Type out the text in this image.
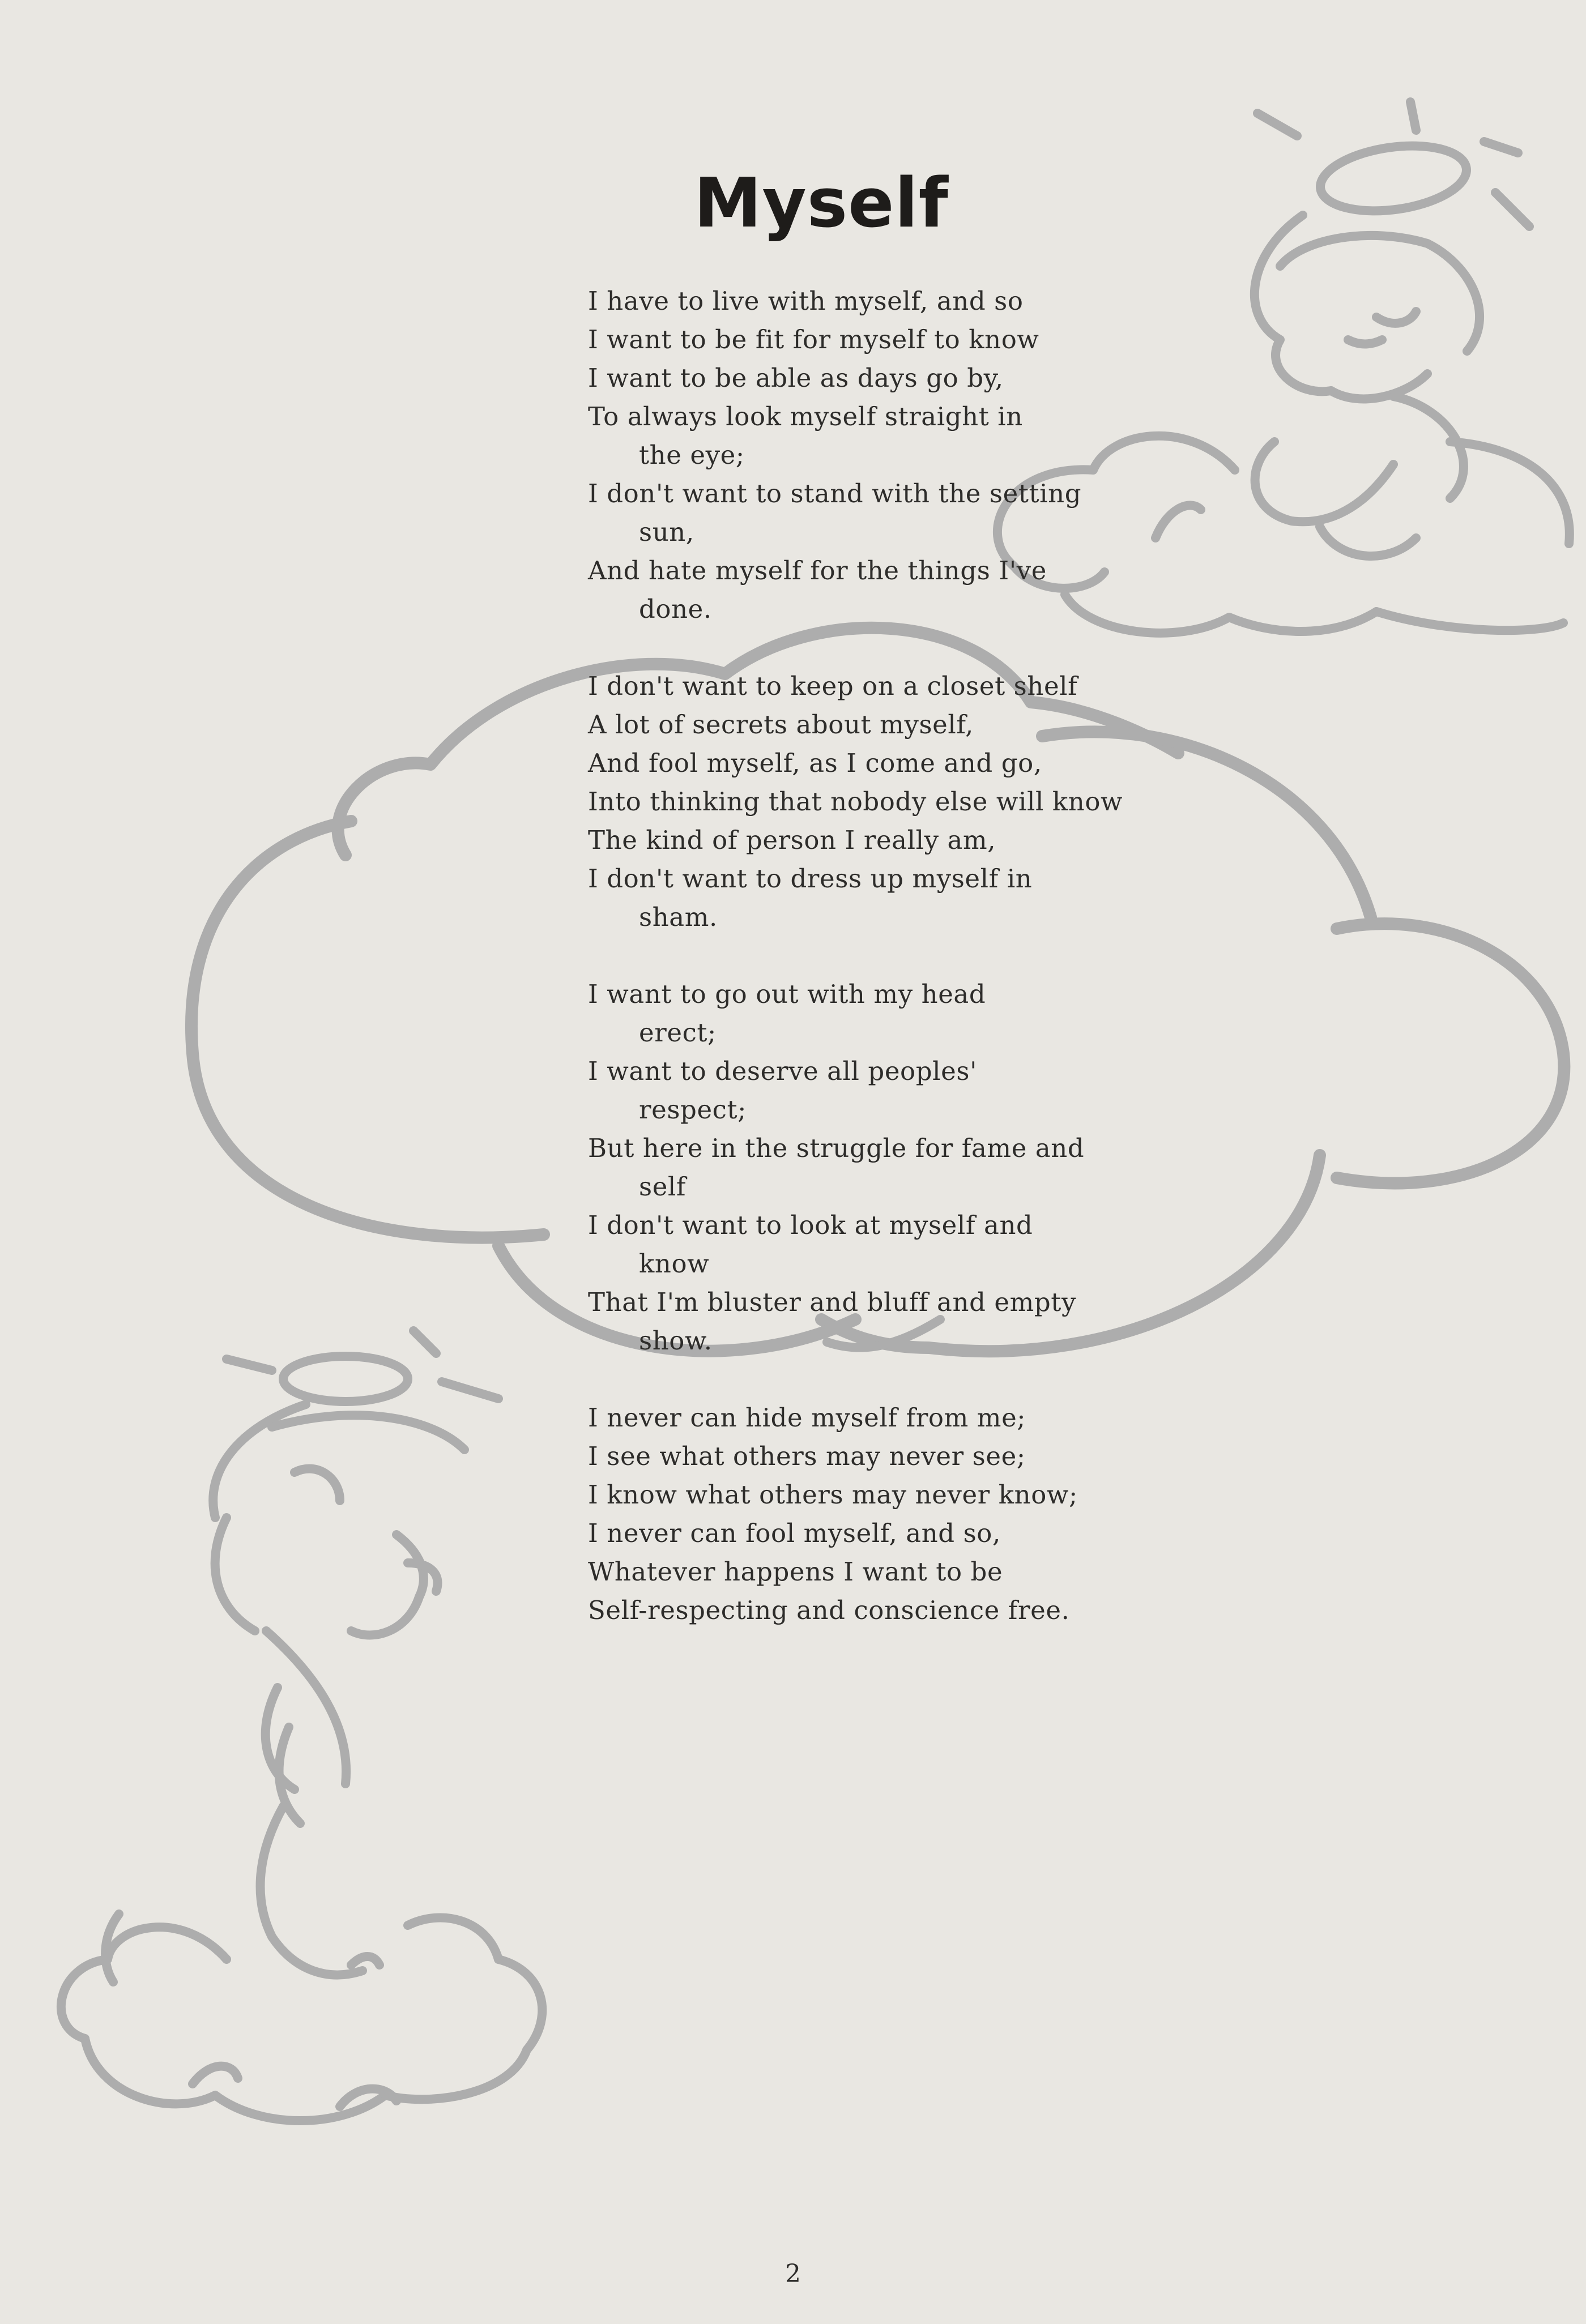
Myself
I have to live with myself, and so
I want to be fit for myself to know
I want to be able as days go by,
To always look myself straight in
the eye;
I don't want to stand with the setting
sun,
And hate myself for the things I've
done.
I don't want to keep on a closet shelf
A lot of secrets about myself,
And fool myself, as I come and go,
Into thinking that nobody else will know
The kind of person I really am,
I don't want to dress up myself in
sham.
I want to go out with my head
erect;
I want to deserve all peoples'
respect;
But here in the struggle for fame and
self
I don't want to look at myself and
know
That I'm bluster and bluff and empty
show.
I never can hide myself from me;
I see what others may never see;
I know what others may never know;
I never can fool myself, and so,
Whatever happens I want to be
Self-respecting and conscience free.
2
